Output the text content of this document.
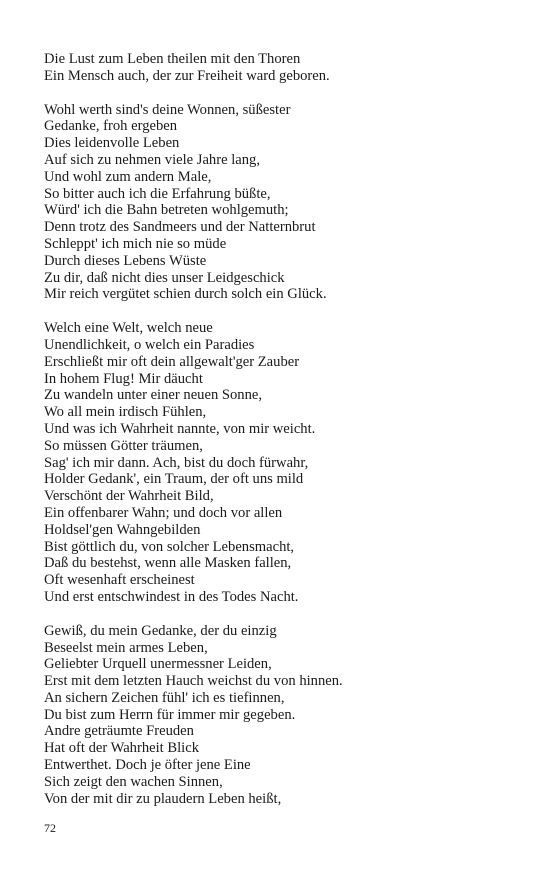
Die Lust zum Leben theilen mit den Thoren
Ein Mensch auch, der zur Freiheit ward geboren.
Wohl werth sind's deine Wonnen, süßester
Gedanke, froh ergeben
Dies leidenvolle Leben
Auf sich zu nehmen viele Jahre lang,
Und wohl zum andern Male,
So bitter auch ich die Erfahrung büßte,
Würd' ich die Bahn betreten wohlgemuth;
Denn trotz des Sandmeers und der Natternbrut
Schleppt' ich mich nie so müde
Durch dieses Lebens Wüste
Zu dir, daß nicht dies unser Leidgeschick
Mir reich vergütet schien durch solch ein Glück.
Welch eine Welt, welch neue
Unendlichkeit, o welch ein Paradies
Erschließt mir oft dein allgewalt'ger Zauber
In hohem Flug! Mir däucht
Zu wandeln unter einer neuen Sonne,
Wo all mein irdisch Fühlen,
Und was ich Wahrheit nannte, von mir weicht.
So müssen Götter träumen,
Sag' ich mir dann. Ach, bist du doch fürwahr,
Holder Gedank', ein Traum, der oft uns mild
Verschönt der Wahrheit Bild,
Ein offenbarer Wahn; und doch vor allen
Holdsel'gen Wahngebilden
Bist göttlich du, von solcher Lebensmacht,
Daß du bestehst, wenn alle Masken fallen,
Oft wesenhaft erscheinest
Und erst entschwindest in des Todes Nacht.
Gewiß, du mein Gedanke, der du einzig
Beseelst mein armes Leben,
Geliebter Urquell unermessner Leiden,
Erst mit dem letzten Hauch weichst du von hinnen.
An sichern Zeichen fühl' ich es tiefinnen,
Du bist zum Herrn für immer mir gegeben.
Andre geträumte Freuden
Hat oft der Wahrheit Blick
Entwerthet. Doch je öfter jene Eine
Sich zeigt den wachen Sinnen,
Von der mit dir zu plaudern Leben heißt,
72
